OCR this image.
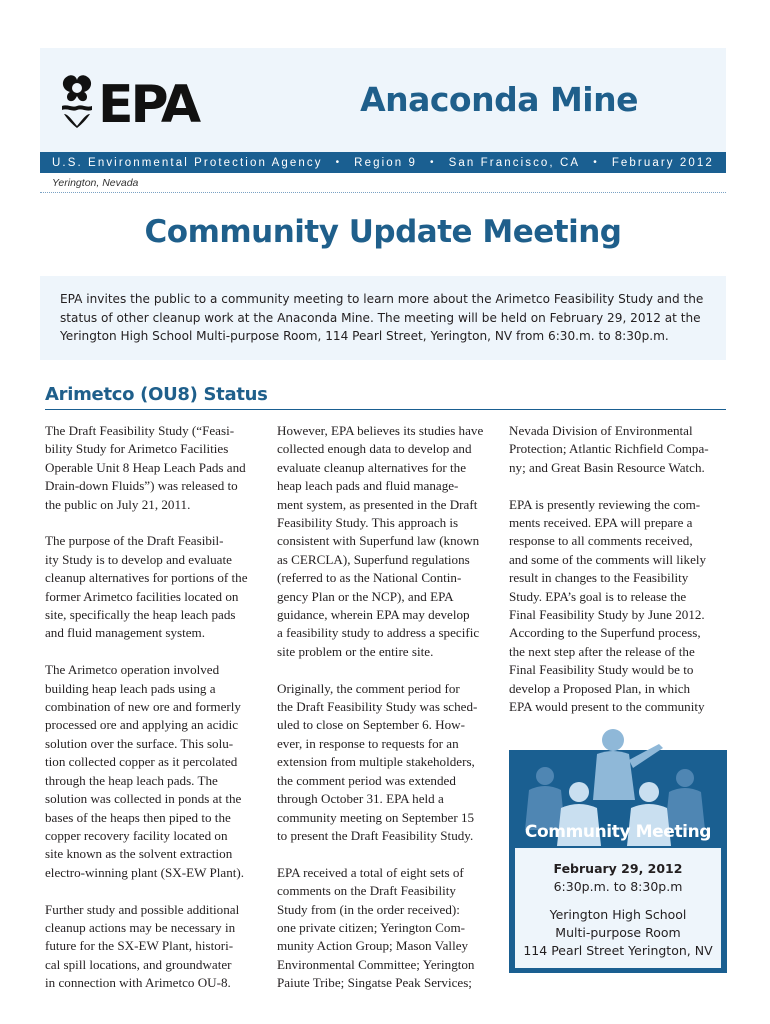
EPA	Anaconda Mine
U.S. Environmental Protection Agency • Region 9 • San Francisco, CA • February 2012
Yerington, Nevada
Community Update Meeting
EPA invites the public to a community meeting to learn more about the Arimetco Feasibility Study and the
status of other cleanup work at the Anaconda Mine. The meeting will be held on February 29, 2012 at the
Yerington High School Multi-purpose Room, 114 Pearl Street, Yerington, NV from 6:30.m. to 8:30p.m.
Arimetco (OU8) Status

The Draft Feasibility Study (“Feasi-
bility Study for Arimetco Facilities
Operable Unit 8 Heap Leach Pads and
Drain-down Fluids”) was released to
the public on July 21, 2011.

The purpose of the Draft Feasibil-
ity Study is to develop and evaluate
cleanup alternatives for portions of the
former Arimetco facilities located on
site, specifically the heap leach pads
and fluid management system.

The Arimetco operation involved
building heap leach pads using a
combination of new ore and formerly
processed ore and applying an acidic
solution over the surface. This solu-
tion collected copper as it percolated
through the heap leach pads. The
solution was collected in ponds at the
bases of the heaps then piped to the
copper recovery facility located on
site known as the solvent extraction
electro-winning plant (SX-EW Plant).

Further study and possible additional
cleanup actions may be necessary in
future for the SX-EW Plant, histori-
cal spill locations, and groundwater
in connection with Arimetco OU-8.

However, EPA believes its studies have
collected enough data to develop and
evaluate cleanup alternatives for the
heap leach pads and fluid manage-
ment system, as presented in the Draft
Feasibility Study. This approach is
consistent with Superfund law (known
as CERCLA), Superfund regulations
(referred to as the National Contin-
gency Plan or the NCP), and EPA
guidance, wherein EPA may develop
a feasibility study to address a specific
site problem or the entire site.

Originally, the comment period for
the Draft Feasibility Study was sched-
uled to close on September 6. How-
ever, in response to requests for an
extension from multiple stakeholders,
the comment period was extended
through October 31. EPA held a
community meeting on September 15
to present the Draft Feasibility Study.

EPA received a total of eight sets of
comments on the Draft Feasibility
Study from (in the order received):
one private citizen; Yerington Com-
munity Action Group; Mason Valley
Environmental Committee; Yerington
Paiute Tribe; Singatse Peak Services;

Nevada Division of Environmental
Protection; Atlantic Richfield Compa-
ny; and Great Basin Resource Watch.

EPA is presently reviewing the com-
ments received. EPA will prepare a
response to all comments received,
and some of the comments will likely
result in changes to the Feasibility
Study. EPA’s goal is to release the
Final Feasibility Study by June 2012.
According to the Superfund process,
the next step after the release of the
Final Feasibility Study would be to
develop a Proposed Plan, in which
EPA would present to the community

Community Meeting
February 29, 2012
6:30p.m. to 8:30p.m
Yerington High School
Multi-purpose Room
114 Pearl Street Yerington, NV
